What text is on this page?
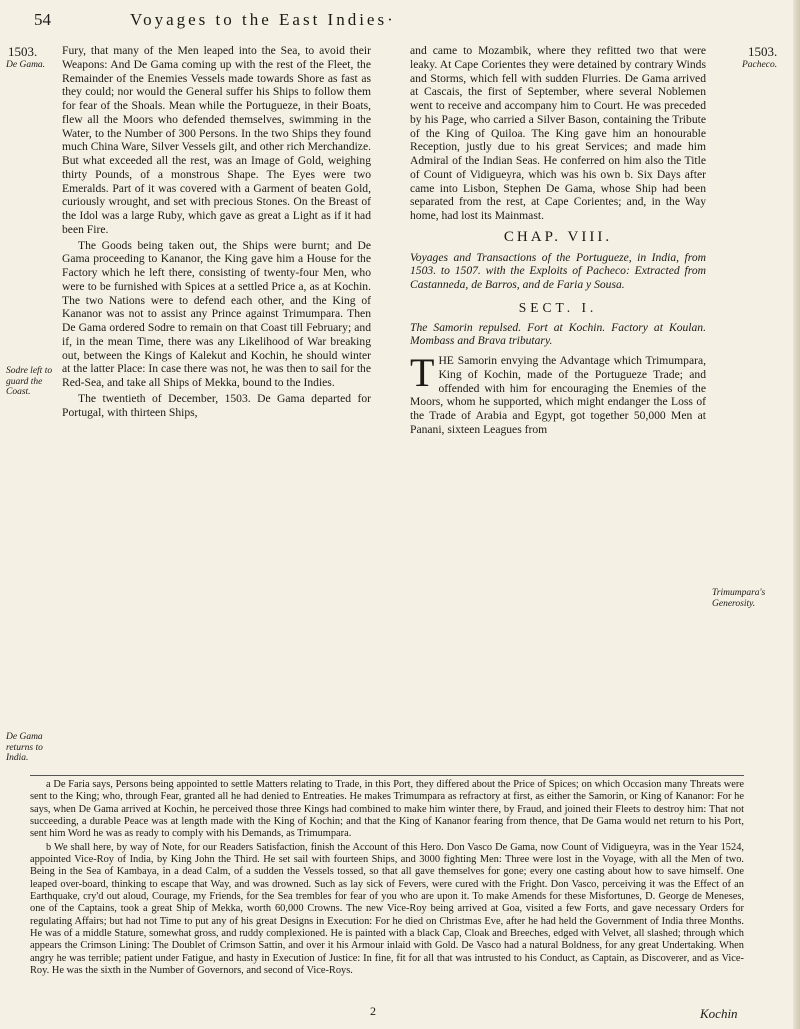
54	Voyages to the East Indies·
1503.	1503.
De Gama.	Pacheco.
Sodre left to guard the Coast.
De Gama returns to India.
Trimumpara's Generosity.

Fury, that many of the Men leaped into the Sea, to avoid their Weapons: And De Gama coming up with the rest of the Fleet, the Remainder of the Enemies Vessels made towards Shore as fast as they could; nor would the General suffer his Ships to follow them for fear of the Shoals. Mean while the Portugueze, in their Boats, flew all the Moors who defended themselves, swimming in the Water, to the Number of 300 Persons. In the two Ships they found much China Ware, Silver Vessels gilt, and other rich Merchandize. But what exceeded all the rest, was an Image of Gold, weighing thirty Pounds, of a monstrous Shape. The Eyes were two Emeralds. Part of it was covered with a Garment of beaten Gold, curiously wrought, and set with precious Stones. On the Breast of the Idol was a large Ruby, which gave as great a Light as if it had been Fire.

The Goods being taken out, the Ships were burnt; and De Gama proceeding to Kananor, the King gave him a House for the Factory which he left there, consisting of twenty-four Men, who were to be furnished with Spices at a settled Price a, as at Kochin. The two Nations were to defend each other, and the King of Kananor was not to assist any Prince against Trimumpara. Then De Gama ordered Sodre to remain on that Coast till February; and if, in the mean Time, there was any Likelihood of War breaking out, between the Kings of Kalekut and Kochin, he should winter at the latter Place: In case there was not, he was then to sail for the Red-Sea, and take all Ships of Mekka, bound to the Indies.

The twentieth of December, 1503. De Gama departed for Portugal, with thirteen Ships,

and came to Mozambik, where they refitted two that were leaky. At Cape Corientes they were detained by contrary Winds and Storms, which fell with sudden Flurries. De Gama arrived at Cascais, the first of September, where several Noblemen went to receive and accompany him to Court. He was preceded by his Page, who carried a Silver Bason, containing the Tribute of the King of Quiloa. The King gave him an honourable Reception, justly due to his great Services; and made him Admiral of the Indian Seas. He conferred on him also the Title of Count of Vidigueyra, which was his own b. Six Days after came into Lisbon, Stephen De Gama, whose Ship had been separated from the rest, at Cape Corientes; and, in the Way home, had lost its Mainmast.

CHAP. VIII.

Voyages and Transactions of the Portugueze, in India, from 1503. to 1507. with the Exploits of Pacheco: Extracted from Castanneda, de Barros, and de Faria y Sousa.

SECT. I.

The Samorin repulsed. Fort at Kochin. Factory at Koulan. Mombass and Brava tributary.

THE Samorin envying the Advantage which Trimumpara, King of Kochin, made of the Portugueze Trade; and offended with him for encouraging the Enemies of the Moors, whom he supported, which might endanger the Loss of the Trade of Arabia and Egypt, got together 50,000 Men at Panani, sixteen Leagues from

a De Faria says, Persons being appointed to settle Matters relating to Trade, in this Port, they differed about the Price of Spices; on which Occasion many Threats were sent to the King; who, through Fear, granted all he had denied to Entreaties. He makes Trimumpara as refractory at first, as either the Samorin, or King of Kananor: For he says, when De Gama arrived at Kochin, he perceived those three Kings had combined to make him winter there, by Fraud, and joined their Fleets to destroy him: That not succeeding, a durable Peace was at length made with the King of Kochin; and that the King of Kananor fearing from thence, that De Gama would net return to his Port, sent him Word he was as ready to comply with his Demands, as Trimumpara.

b We shall here, by way of Note, for our Readers Satisfaction, finish the Account of this Hero. Don Vasco De Gama, now Count of Vidigueyra, was in the Year 1524, appointed Vice-Roy of India, by King John the Third. He set sail with fourteen Ships, and 3000 fighting Men: Three were lost in the Voyage, with all the Men of two. Being in the Sea of Kambaya, in a dead Calm, of a sudden the Vessels tossed, so that all gave themselves for gone; every one casting about how to save himself. One leaped over-board, thinking to escape that Way, and was drowned. Such as lay sick of Fevers, were cured with the Fright. Don Vasco, perceiving it was the Effect of an Earthquake, cry'd out aloud, Courage, my Friends, for the Sea trembles for fear of you who are upon it. To make Amends for these Misfortunes, D. George de Meneses, one of the Captains, took a great Ship of Mekka, worth 60,000 Crowns. The new Vice-Roy being arrived at Goa, visited a few Forts, and gave necessary Orders for regulating Affairs; but had not Time to put any of his great Designs in Execution: For he died on Christmas Eve, after he had held the Government of India three Months. He was of a middle Stature, somewhat gross, and ruddy complexioned. He is painted with a black Cap, Cloak and Breeches, edged with Velvet, all slashed; through which appears the Crimson Lining: The Doublet of Crimson Sattin, and over it his Armour inlaid with Gold. De Vasco had a natural Boldness, for any great Undertaking. When angry he was terrible; patient under Fatigue, and hasty in Execution of Justice: In fine, fit for all that was intrusted to his Conduct, as Captain, as Discoverer, and as Vice-Roy. He was the sixth in the Number of Governors, and second of Vice-Roys.

2	Kochin
